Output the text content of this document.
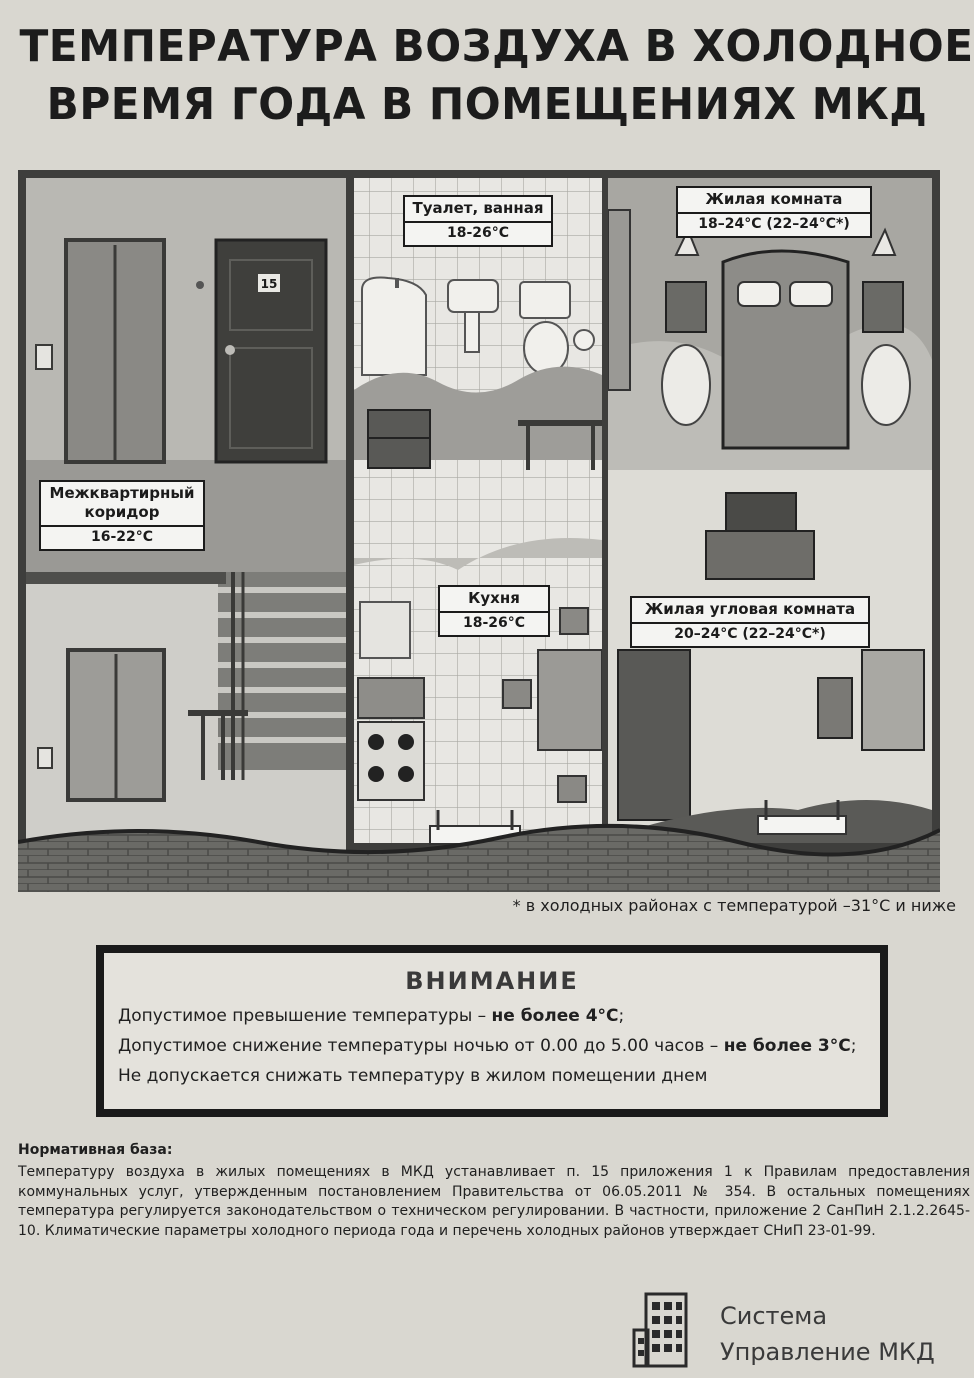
ТЕМПЕРАТУРА ВОЗДУХА В ХОЛОДНОЕ
ВРЕМЯ ГОДА В ПОМЕЩЕНИЯХ МКД
15
Межквартирный
коридор
16-22°C
Туалет, ванная
18-26°C
Жилая комната
18–24°C (22–24°C*)
Кухня
18-26°C
Жилая угловая комната
20–24°C (22–24°C*)
* в холодных районах с температурой –31°C и ниже
ВНИМАНИЕ
Допустимое превышение температуры – не более 4°C;
Допустимое снижение температуры ночью от 0.00 до 5.00 часов – не более 3°C;
Не допускается снижать температуру в жилом помещении днем
Нормативная база:
Температуру воздуха в жилых помещениях в МКД устанавливает п. 15 приложения 1 к Правилам предоставления коммунальных услуг, утвержденным постановлением Правительства от 06.05.2011 № 354. В остальных помещениях температура регулируется законодательством о техническом регулировании. В частности, приложение 2 СанПиН 2.1.2.2645-10. Климатические параметры холодного периода года и перечень холодных районов утверждает СНиП 23-01-99.
Система
Управление МКД
